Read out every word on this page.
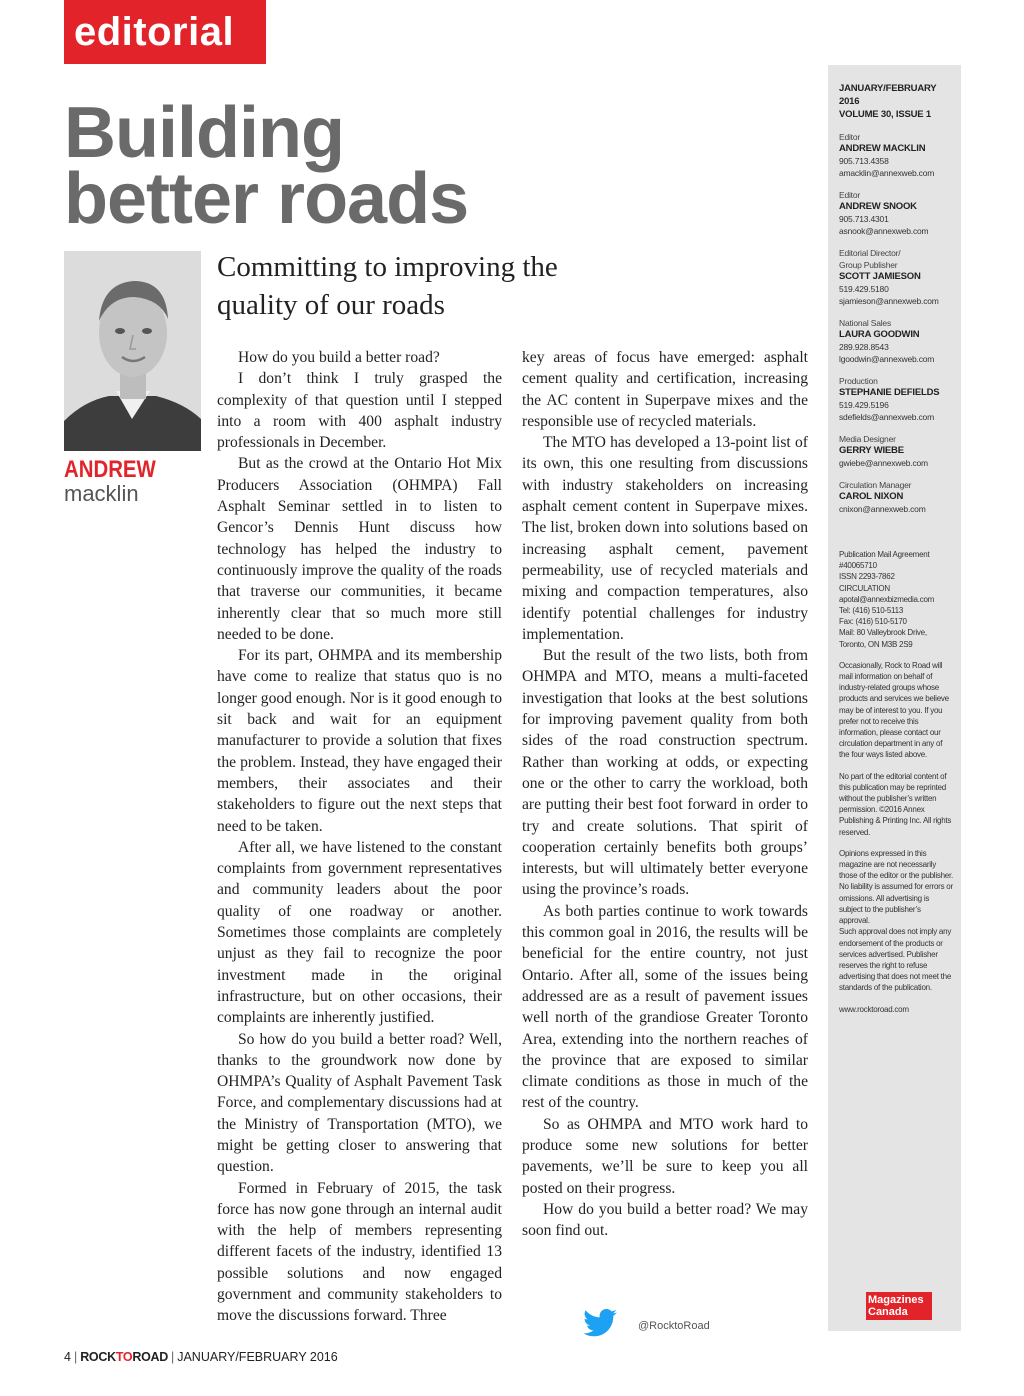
editorial
Building
better roads
Committing to improving the quality of our roads
ANDREW
macklin

How do you build a better road?

I don’t think I truly grasped the complexity of that question until I stepped into a room with 400 asphalt industry professionals in December.

But as the crowd at the Ontario Hot Mix Producers Association (OHMPA) Fall Asphalt Seminar settled in to listen to Gencor’s Dennis Hunt discuss how technology has helped the industry to continuously improve the quality of the roads that traverse our communities, it became inherently clear that so much more still needed to be done.

For its part, OHMPA and its membership have come to realize that status quo is no longer good enough. Nor is it good enough to sit back and wait for an equipment manufacturer to provide a solution that fixes the problem. Instead, they have engaged their members, their associates and their stakeholders to figure out the next steps that need to be taken.

After all, we have listened to the constant complaints from government representatives and community leaders about the poor quality of one roadway or another. Sometimes those complaints are completely unjust as they fail to recognize the poor investment made in the original infrastructure, but on other occasions, their complaints are inherently justified.

So how do you build a better road? Well, thanks to the groundwork now done by OHMPA’s Quality of Asphalt Pavement Task Force, and complementary discussions had at the Ministry of Transportation (MTO), we might be getting closer to answering that question.

Formed in February of 2015, the task force has now gone through an internal audit with the help of members representing different facets of the industry, identified 13 possible solutions and now engaged government and community stakeholders to move the discussions forward. Three

key areas of focus have emerged: asphalt cement quality and certification, increasing the AC content in Superpave mixes and the responsible use of recycled materials.

The MTO has developed a 13-point list of its own, this one resulting from discussions with industry stakeholders on increasing asphalt cement content in Superpave mixes. The list, broken down into solutions based on increasing asphalt cement, pavement permeability, use of recycled materials and mixing and compaction temperatures, also identify potential challenges for industry implementation.

But the result of the two lists, both from OHMPA and MTO, means a multi-faceted investigation that looks at the best solutions for improving pavement quality from both sides of the road construction spectrum. Rather than working at odds, or expecting one or the other to carry the workload, both are putting their best foot forward in order to try and create solutions. That spirit of cooperation certainly benefits both groups’ interests, but will ultimately better everyone using the province’s roads.

As both parties continue to work towards this common goal in 2016, the results will be beneficial for the entire country, not just Ontario. After all, some of the issues being addressed are as a result of pavement issues well north of the grandiose Greater Toronto Area, extending into the northern reaches of the province that are exposed to similar climate conditions as those in much of the rest of the country.

So as OHMPA and MTO work hard to produce some new solutions for better pavements, we’ll be sure to keep you all posted on their progress.

How do you build a better road? We may soon find out.

JANUARY/FEBRUARY 2016
VOLUME 30, ISSUE 1
Editor
ANDREW MACKLIN
905.713.4358
amacklin@annexweb.com
Editor
ANDREW SNOOK
905.713.4301
asnook@annexweb.com
Editorial Director/
Group Publisher
SCOTT JAMIESON
519.429.5180
sjamieson@annexweb.com
National Sales
LAURA GOODWIN
289.928.8543
lgoodwin@annexweb.com
Production
STEPHANIE DEFIELDS
519.429.5196
sdefields@annexweb.com
Media Designer
GERRY WIEBE
gwiebe@annexweb.com
Circulation Manager
CAROL NIXON
cnixon@annexweb.com
Publication Mail Agreement
#40065710
ISSN 2293-7862
CIRCULATION
apotal@annexbizmedia.com
Tel: (416) 510-5113
Fax: (416) 510-5170
Mail: 80 Valleybrook Drive,
Toronto, ON M3B 2S9
Occasionally, Rock to Road will mail information on behalf of industry-related groups whose products and services we believe may be of interest to you. If you prefer not to receive this information, please contact our circulation department in any of the four ways listed above.
No part of the editorial content of this publication may be reprinted without the publisher’s written permission. ©2016 Annex Publishing & Printing Inc. All rights reserved.
Opinions expressed in this magazine are not necessarily those of the editor or the publisher. No liability is assumed for errors or omissions. All advertising is subject to the publisher’s approval.
Such approval does not imply any endorsement of the products or services advertised. Publisher reserves the right to refuse advertising that does not meet the standards of the publication.
www.rocktoroad.com
Magazines
Canada
@RocktoRoad
4 | ROCKTOROAD | JANUARY/FEBRUARY 2016
